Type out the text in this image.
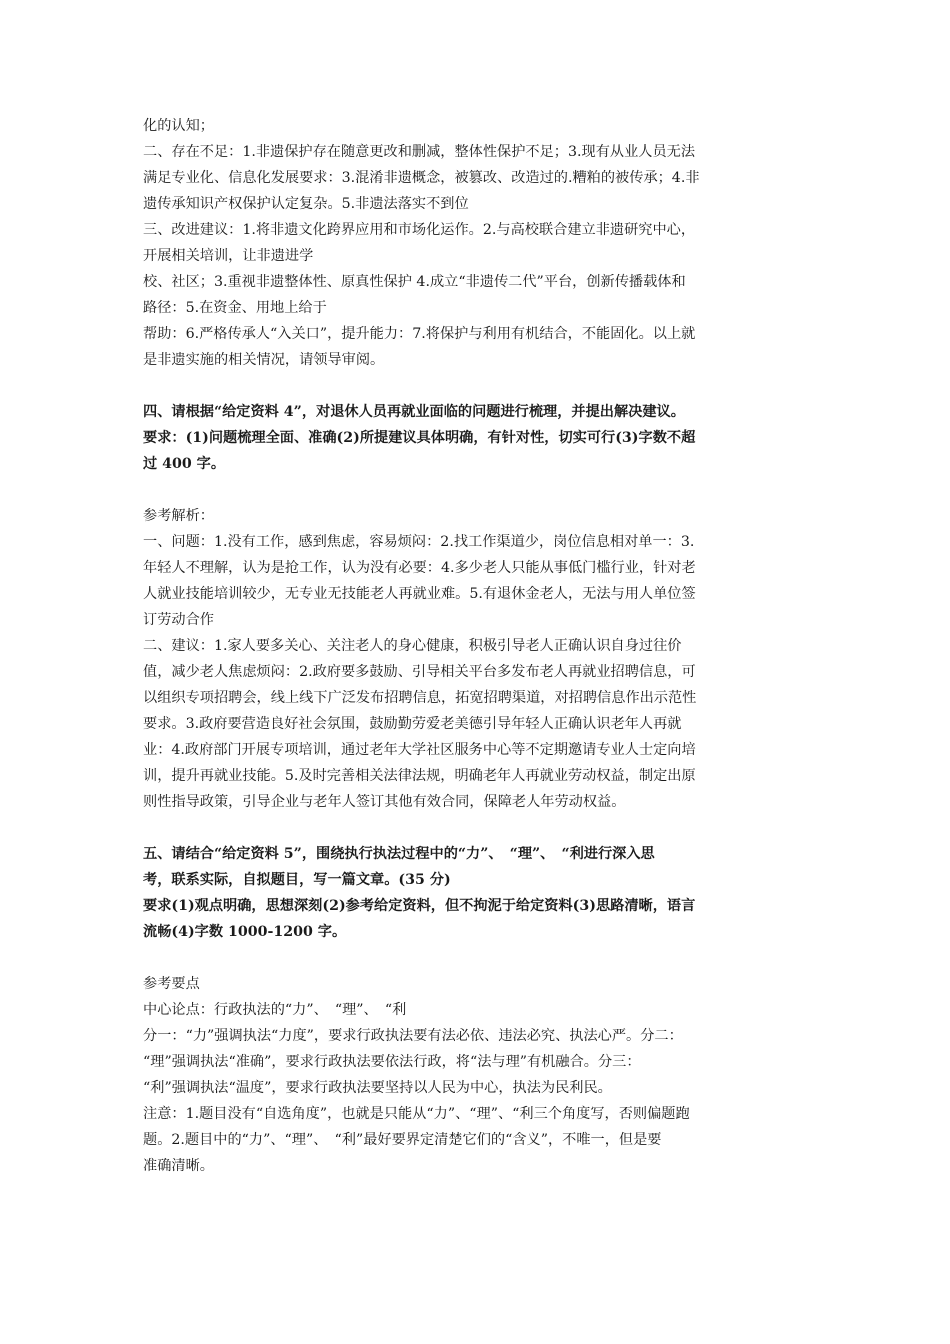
化的认知；
二、存在不足：1.非遗保护存在随意更改和删减，整体性保护不足；3.现有从业人员无法
满足专业化、信息化发展要求：3.混淆非遗概念，被篡改、改造过的.糟粕的被传承；4.非
遗传承知识产权保护认定复杂。5.非遗法落实不到位
三、改进建议：1.将非遗文化跨界应用和市场化运作。2.与高校联合建立非遗研究中心，
开展相关培训，让非遗进学
校、社区；3.重视非遗整体性、原真性保护 4.成立“非遗传二代”平台，创新传播载体和
路径：5.在资金、用地上给于
帮助：6.严格传承人“入关口”，提升能力：7.将保护与利用有机结合，不能固化。以上就
是非遗实施的相关情况，请领导审阅。
四、请根据“给定资料 4”，对退休人员再就业面临的问题进行梳理，并提出解决建议。
要求：(1)问题梳理全面、准确(2)所提建议具体明确，有针对性，切实可行(3)字数不超
过 400 字。
参考解析：
一、问题：1.没有工作，感到焦虑，容易烦闷：2.找工作渠道少，岗位信息相对单一：3.
年轻人不理解，认为是抢工作，认为没有必要：4.多少老人只能从事低门槛行业，针对老
人就业技能培训较少，无专业无技能老人再就业难。5.有退休金老人，无法与用人单位签
订劳动合作
二、建议：1.家人要多关心、关注老人的身心健康，积极引导老人正确认识自身过往价
值，减少老人焦虑烦闷：2.政府要多鼓励、引导相关平台多发布老人再就业招聘信息，可
以组织专项招聘会，线上线下广泛发布招聘信息，拓宽招聘渠道，对招聘信息作出示范性
要求。3.政府要营造良好社会氛围，鼓励勤劳爱老美德引导年轻人正确认识老年人再就
业：4.政府部门开展专项培训，通过老年大学社区服务中心等不定期邀请专业人士定向培
训，提升再就业技能。5.及时完善相关法律法规，明确老年人再就业劳动权益，制定出原
则性指导政策，引导企业与老年人签订其他有效合同，保障老人年劳动权益。
五、请结合“给定资料 5”，围绕执行执法过程中的“力”、　“理”、　“利进行深入思
考，联系实际，自拟题目，写一篇文章。(35 分)
要求(1)观点明确，思想深刻(2)参考给定资料，但不拘泥于给定资料(3)思路清晰，语言
流畅(4)字数 1000-1200 字。
参考要点
中心论点：行政执法的“力”、　“理”、　“利
分一：“力”强调执法“力度”，要求行政执法要有法必依、违法必究、执法心严。分二：
“理”强调执法“准确”，要求行政执法要依法行政，将“法与理”有机融合。分三：
“利”强调执法“温度”，要求行政执法要坚持以人民为中心，执法为民利民。
注意：1.题目没有“自选角度”，也就是只能从“力”、“理”、“利三个角度写，否则偏题跑
题。2.题目中的“力”、“理”、　“利”最好要界定清楚它们的“含义”，不唯一，但是要
准确清晰。
